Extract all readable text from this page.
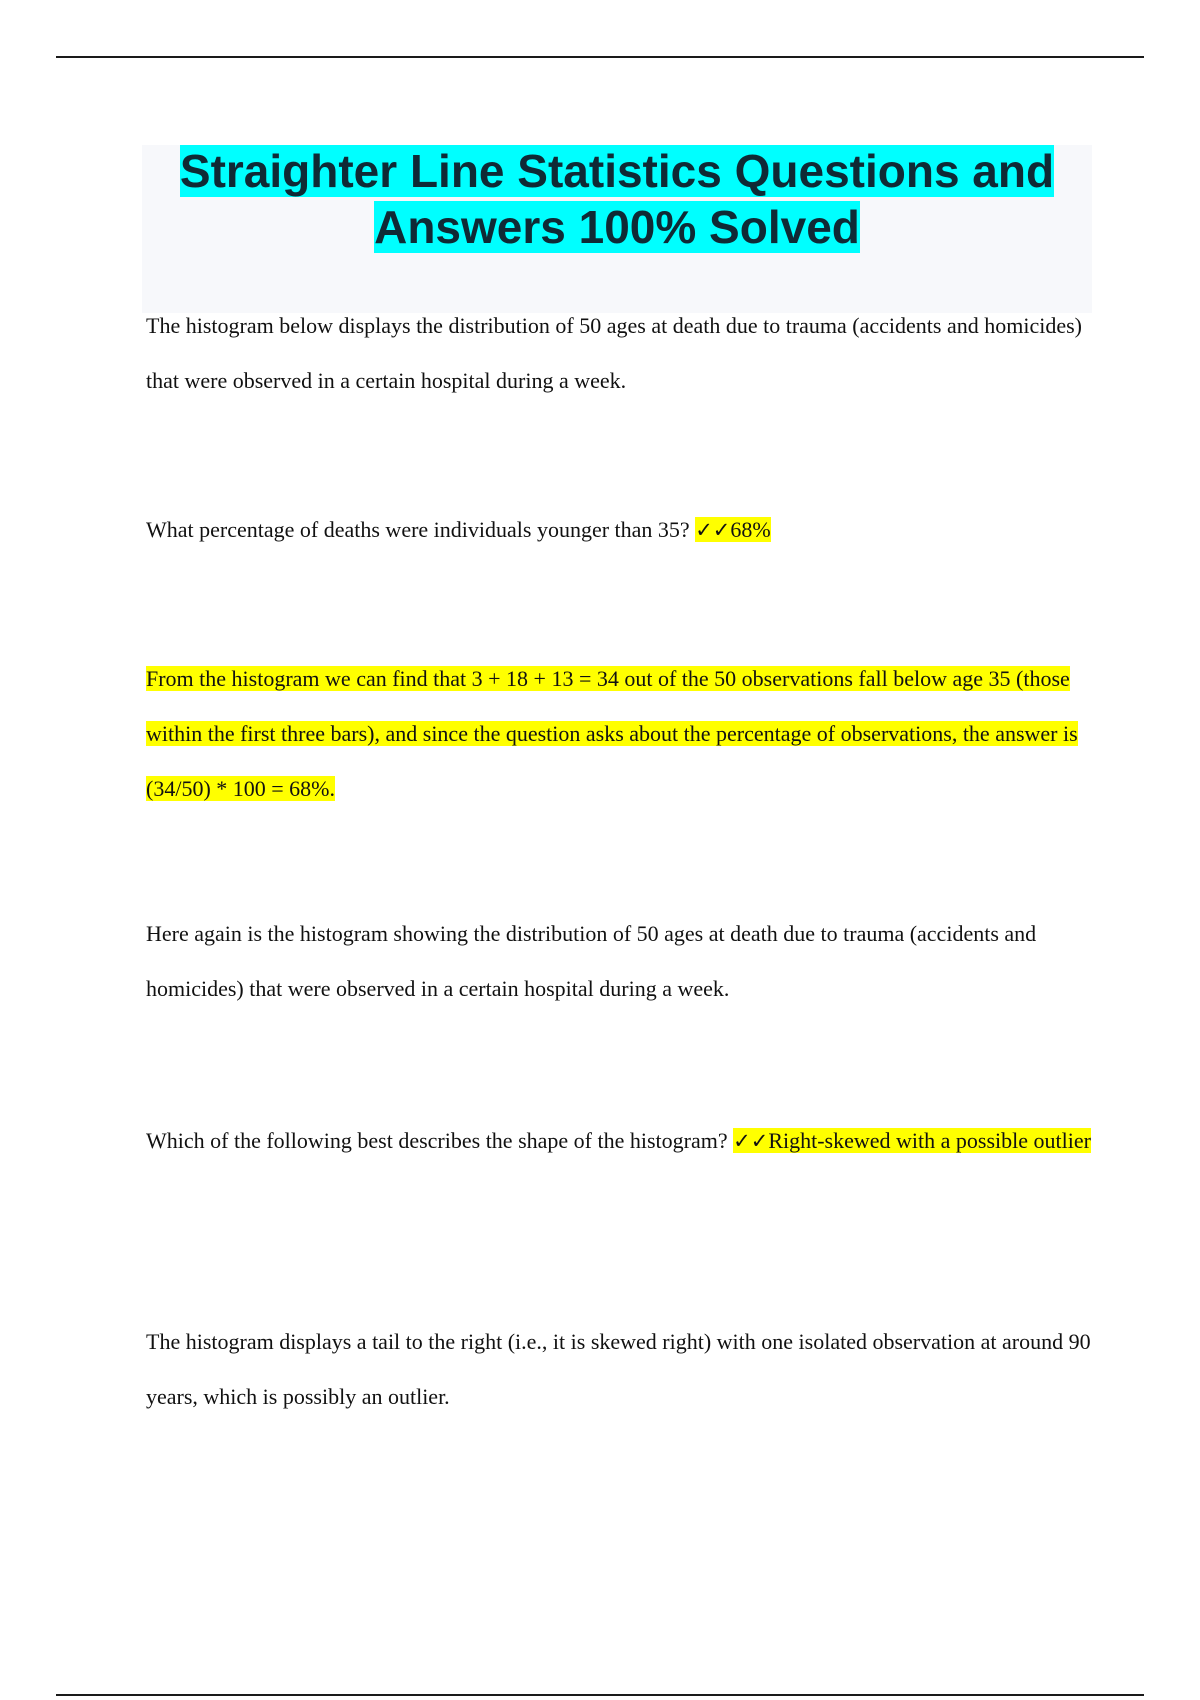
Straighter Line Statistics Questions and
Answers 100% Solved

The histogram below displays the distribution of 50 ages at death due to trauma (accidents and homicides) that were observed in a certain hospital during a week.

What percentage of deaths were individuals younger than 35? ✓✓68%

From the histogram we can find that 3 + 18 + 13 = 34 out of the 50 observations fall below age 35 (those within the first three bars), and since the question asks about the percentage of observations, the answer is (34/50) * 100 = 68%.

Here again is the histogram showing the distribution of 50 ages at death due to trauma (accidents and homicides) that were observed in a certain hospital during a week.

Which of the following best describes the shape of the histogram? ✓✓Right-skewed with a possible outlier

The histogram displays a tail to the right (i.e., it is skewed right) with one isolated observation at around 90 years, which is possibly an outlier.
